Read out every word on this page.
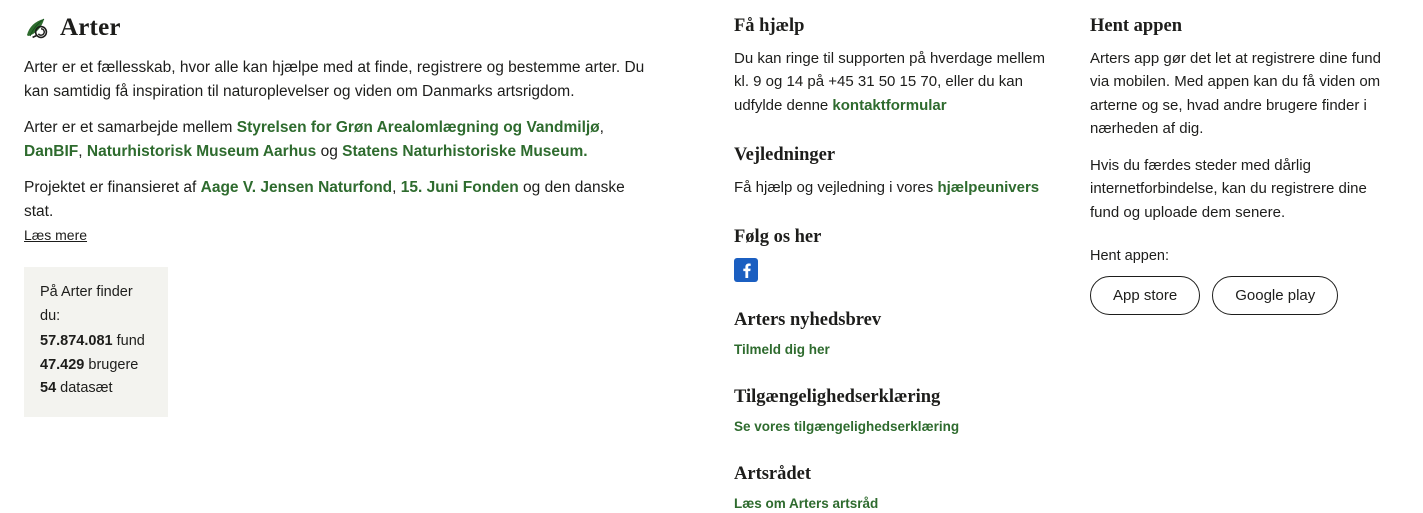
Arter

Arter er et fællesskab, hvor alle kan hjælpe med at finde, registrere og bestemme arter. Du kan samtidig få inspiration til naturoplevelser og viden om Danmarks artsrigdom.

Arter er et samarbejde mellem Styrelsen for Grøn Arealomlægning og Vandmiljø, DanBIF, Naturhistorisk Museum Aarhus og Statens Naturhistoriske Museum.

Projektet er finansieret af Aage V. Jensen Naturfond, 15. Juni Fonden og den danske stat.

Læs mere
På Arter finder du:
57.874.081 fund
47.429 brugere
54 datasæt
Få hjælp

Du kan ringe til supporten på hverdage mellem kl. 9 og 14 på +45 31 50 15 70, eller du kan udfylde denne kontaktformular

Vejledninger

Få hjælp og vejledning i vores hjælpeunivers

Følg os her
Arters nyhedsbrev
Tilmeld dig her
Tilgængelighedserklæring
Se vores tilgængelighedserklæring
Artsrådet
Læs om Arters artsråd
Hent appen

Arters app gør det let at registrere dine fund via mobilen. Med appen kan du få viden om arterne og se, hvad andre brugere finder i nærheden af dig.

Hvis du færdes steder med dårlig internetforbindelse, kan du registrere dine fund og uploade dem senere.

Hent appen:

App store	Google play
